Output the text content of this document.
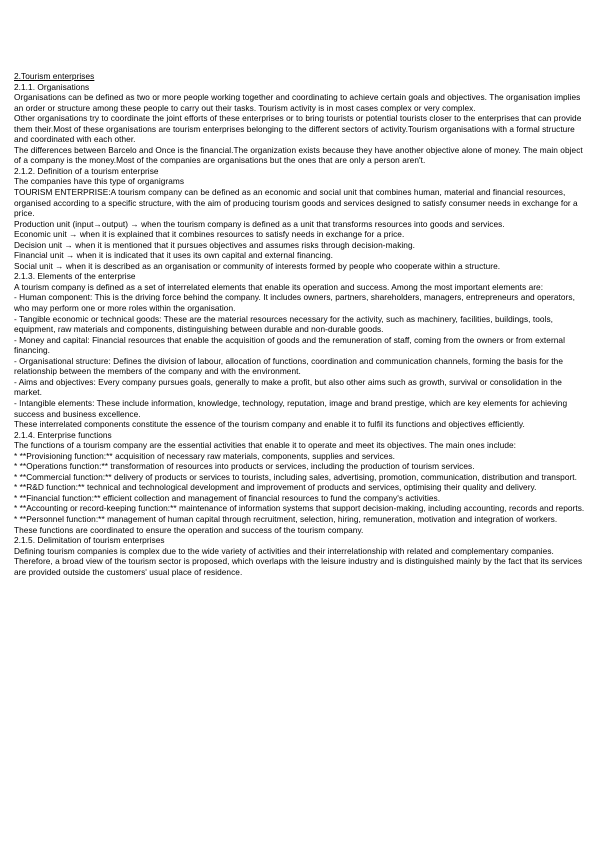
2.Tourism enterprises
2.1.1. Organisations
Organisations can be defined as two or more people working together and coordinating to achieve certain goals and objectives. The organisation implies an order or structure among these people to carry out their tasks. Tourism activity is in most cases complex or very complex.
Other organisations try to coordinate the joint efforts of these enterprises or to bring tourists or potential tourists closer to the enterprises that can provide them their.Most of these organisations are tourism enterprises belonging to the different sectors of activity.Tourism organisations with a formal structure and coordinated with each other.
The differences between Barcelo and Once is the financial.The organization exists because they have another objective alone of money. The main object of a company is the money.Most of the companies are organisations but the ones that are only a person aren't.
2.1.2. Definition of a tourism enterprise
The companies have this type of organigrams
TOURISM ENTERPRISE:A tourism company can be defined as an economic and social unit that combines human, material and financial resources, organised according to a specific structure, with the aim of producing tourism goods and services designed to satisfy consumer needs in exchange for a price.
Production unit (input→output) → when the tourism company is defined as a unit that transforms resources into goods and services.
Economic unit → when it is explained that it combines resources to satisfy needs in exchange for a price.
Decision unit → when it is mentioned that it pursues objectives and assumes risks through decision-making.
Financial unit → when it is indicated that it uses its own capital and external financing.
Social unit → when it is described as an organisation or community of interests formed by people who cooperate within a structure.
2.1.3. Elements of the enterprise
A tourism company is defined as a set of interrelated elements that enable its operation and success. Among the most important elements are:
- Human component: This is the driving force behind the company. It includes owners, partners, shareholders, managers, entrepreneurs and operators, who may perform one or more roles within the organisation.
- Tangible economic or technical goods: These are the material resources necessary for the activity, such as machinery, facilities, buildings, tools, equipment, raw materials and components, distinguishing between durable and non-durable goods.
- Money and capital: Financial resources that enable the acquisition of goods and the remuneration of staff, coming from the owners or from external financing.
- Organisational structure: Defines the division of labour, allocation of functions, coordination and communication channels, forming the basis for the relationship between the members of the company and with the environment.
- Aims and objectives: Every company pursues goals, generally to make a profit, but also other aims such as growth, survival or consolidation in the market.
- Intangible elements: These include information, knowledge, technology, reputation, image and brand prestige, which are key elements for achieving success and business excellence.
These interrelated components constitute the essence of the tourism company and enable it to fulfil its functions and objectives efficiently.
2.1.4. Enterprise functions
The functions of a tourism company are the essential activities that enable it to operate and meet its objectives. The main ones include:
* **Provisioning function:** acquisition of necessary raw materials, components, supplies and services.
* **Operations function:** transformation of resources into products or services, including the production of tourism services.
* **Commercial function:** delivery of products or services to tourists, including sales, advertising, promotion, communication, distribution and transport.
* **R&D function:** technical and technological development and improvement of products and services, optimising their quality and delivery.
* **Financial function:** efficient collection and management of financial resources to fund the company's activities.
* **Accounting or record-keeping function:** maintenance of information systems that support decision-making, including accounting, records and reports.
* **Personnel function:** management of human capital through recruitment, selection, hiring, remuneration, motivation and integration of workers.
These functions are coordinated to ensure the operation and success of the tourism company.
2.1.5. Delimitation of tourism enterprises
Defining tourism companies is complex due to the wide variety of activities and their interrelationship with related and complementary companies. Therefore, a broad view of the tourism sector is proposed, which overlaps with the leisure industry and is distinguished mainly by the fact that its services are provided outside the customers' usual place of residence.
